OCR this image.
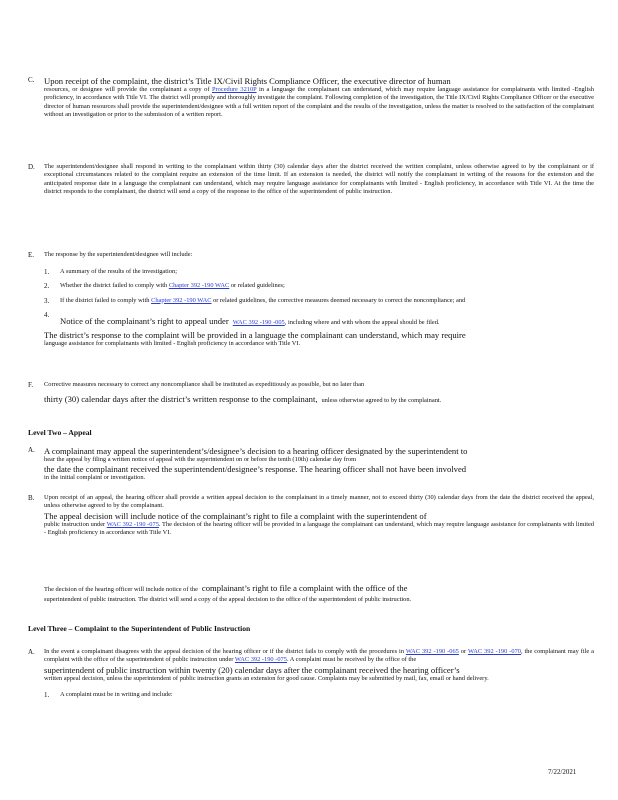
C.	Upon receipt of the complaint, the district’s Title IX/Civil Rights Compliance Officer, the executive director of human
resources, or designee will provide the complainant a copy of Procedure 3210P in a language the complainant can understand, which may require language assistance for complainants with limited -English proficiency, in accordance with Title VI. The district will promptly and thoroughly investigate the complaint. Following completion of the investigation, the Title IX/Civil Rights Compliance Officer or the executive director of human resources shall provide the superintendent/designee with a full written report of the complaint and the results of the investigation, unless the matter is resolved to the satisfaction of the complainant without an investigation or prior to the submission of a written report.
D.	The superintendent/designee shall respond in writing to the complainant within thirty (30) calendar days after the district received the written complaint, unless otherwise agreed to by the complainant or if exceptional circumstances related to the complaint require an extension of the time limit. If an extension is needed, the district will notify the complainant in writing of the reasons for the extension and the anticipated response date in a language the complainant can understand, which may require language assistance for complainants with limited - English proficiency, in accordance with Title VI. At the time the district responds to the complainant, the district will send a copy of the response to the office of the superintendent of public instruction.
E.	The response by the superintendent/designee will include:
1.	A summary of the results of the investigation;
2.	Whether the district failed to comply with Chapter 392 -190 WAC or related guidelines;
3.	If the district failed to comply with Chapter 392 -190 WAC or related guidelines, the corrective measures deemed necessary to correct the noncompliance; and
4.
Notice of the complainant’s right to appeal under WAC 392 -190 -005, including where and with whom the appeal should be filed.
The district’s response to the complaint will be provided in a language the complainant can understand, which may require
language assistance for complainants with limited - English proficiency in accordance with Title VI.
F.	Corrective measures necessary to correct any noncompliance shall be instituted as expeditiously as possible, but no later than
thirty (30) calendar days after the district’s written response to the complainant, unless otherwise agreed to by the complainant.
Level Two – Appeal
A.	A complainant may appeal the superintendent’s/designee’s decision to a hearing officer designated by the superintendent to
hear the appeal by filing a written notice of appeal with the superintendent on or before the tenth (10th) calendar day from
the date the complainant received the superintendent/designee’s response. The hearing officer shall not have been involved
in the initial complaint or investigation.
B.	Upon receipt of an appeal, the hearing officer shall provide a written appeal decision to the complainant in a timely manner, not to exceed thirty (30) calendar days from the date the district received the appeal, unless otherwise agreed to by the complainant.
The appeal decision will include notice of the complainant’s right to file a complaint with the superintendent of
public instruction under WAC 392 -190 -075. The decision of the hearing officer will be provided in a language the complainant can understand, which may require language assistance for complainants with limited - English proficiency in accordance with Title VI.
The decision of the hearing officer will include notice of the complainant’s right to file a complaint with the office of the
superintendent of public instruction. The district will send a copy of the appeal decision to the office of the superintendent of public instruction.
Level Three – Complaint to the Superintendent of Public Instruction
A.	In the event a complainant disagrees with the appeal decision of the hearing officer or if the district fails to comply with the procedures in WAC 392 -190 -065 or WAC 392 -190 -070, the complainant may file a complaint with the office of the superintendent of public instruction under WAC 392 -190 -075. A complaint must be received by the office of the
superintendent of public instruction within twenty (20) calendar days after the complainant received the hearing officer’s
written appeal decision, unless the superintendent of public instruction grants an extension for good cause. Complaints may be submitted by mail, fax, email or hand delivery.
1.	A complaint must be in writing and include:
7/22/2021
